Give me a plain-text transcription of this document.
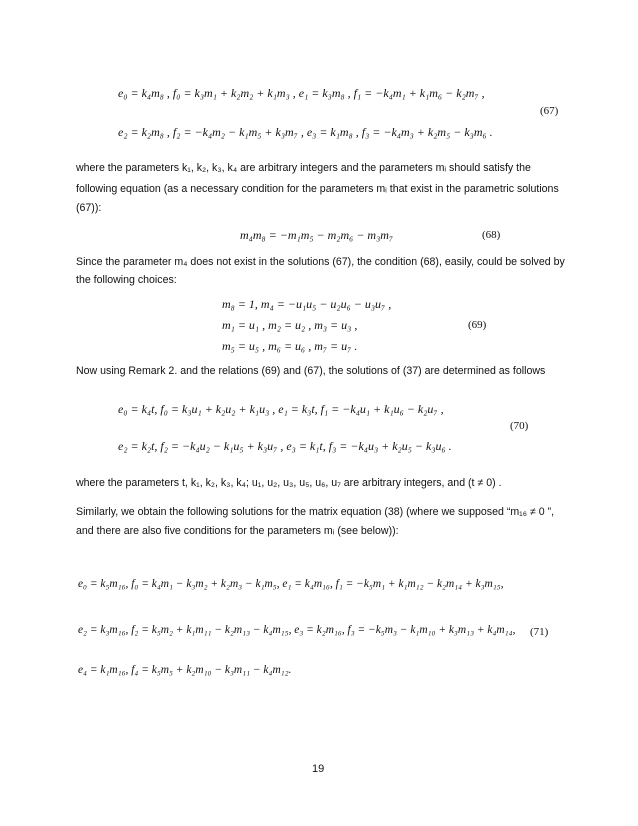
e₀ = k₄m₈ , f₀ = k₃m₁ + k₂m₂ + k₁m₃ , e₁ = k₃m₈ , f₁ = −k₄m₁ + k₁m₆ − k₂m₇ ,
(67)
e₂ = k₂m₈ , f₂ = −k₄m₂ − k₁m₅ + k₃m₇ , e₃ = k₁m₈ , f₃ = −k₄m₃ + k₂m₅ − k₃m₆ .
where the parameters k₁, k₂, k₃, k₄ are arbitrary integers and the parameters mᵢ should satisfy the
following equation (as a necessary condition for the parameters mᵢ that exist in the parametric solutions
(67)):
m₄m₈ = −m₁m₅ − m₂m₆ − m₃m₇	(68)
Since the parameter m₄ does not exist in the solutions (67), the condition (68), easily, could be solved by
the following choices:
m₈ = 1, m₄ = −u₁u₅ − u₂u₆ − u₃u₇ ,
m₁ = u₁ , m₂ = u₂ , m₃ = u₃ ,	(69)
m₅ = u₅ , m₆ = u₆ , m₇ = u₇ .
Now using Remark 2. and the relations (69) and (67), the solutions of (37) are determined as follows
e₀ = k₄t, f₀ = k₃u₁ + k₂u₂ + k₁u₃ , e₁ = k₃t, f₁ = −k₄u₁ + k₁u₆ − k₂u₇ ,
(70)
e₂ = k₂t, f₂ = −k₄u₂ − k₁u₅ + k₃u₇ , e₃ = k₁t, f₃ = −k₄u₃ + k₂u₅ − k₃u₆ .
where the parameters t, k₁, k₂, k₃, k₄; u₁, u₂, u₃, u₅, u₆, u₇ are arbitrary integers, and (t ≠ 0) .
Similarly, we obtain the following solutions for the matrix equation (38) (where we supposed “m₁₆ ≠ 0 ”,
and there are also five conditions for the parameters mᵢ (see below)):
e₀ = k₅m₁₆, f₀ = k₄m₁ − k₃m₂ + k₂m₃ − k₁m₅, e₁ = k₄m₁₆, f₁ = −k₅m₁ + k₁m₁₂ − k₂m₁₄ + k₃m₁₅,
e₂ = k₃m₁₆, f₂ = k₅m₂ + k₁m₁₁ − k₂m₁₃ − k₄m₁₅, e₃ = k₂m₁₆, f₃ = −k₅m₃ − k₁m₁₀ + k₃m₁₃ + k₄m₁₄, (71)
e₄ = k₁m₁₆, f₄ = k₅m₅ + k₂m₁₀ − k₃m₁₁ − k₄m₁₂.
19
